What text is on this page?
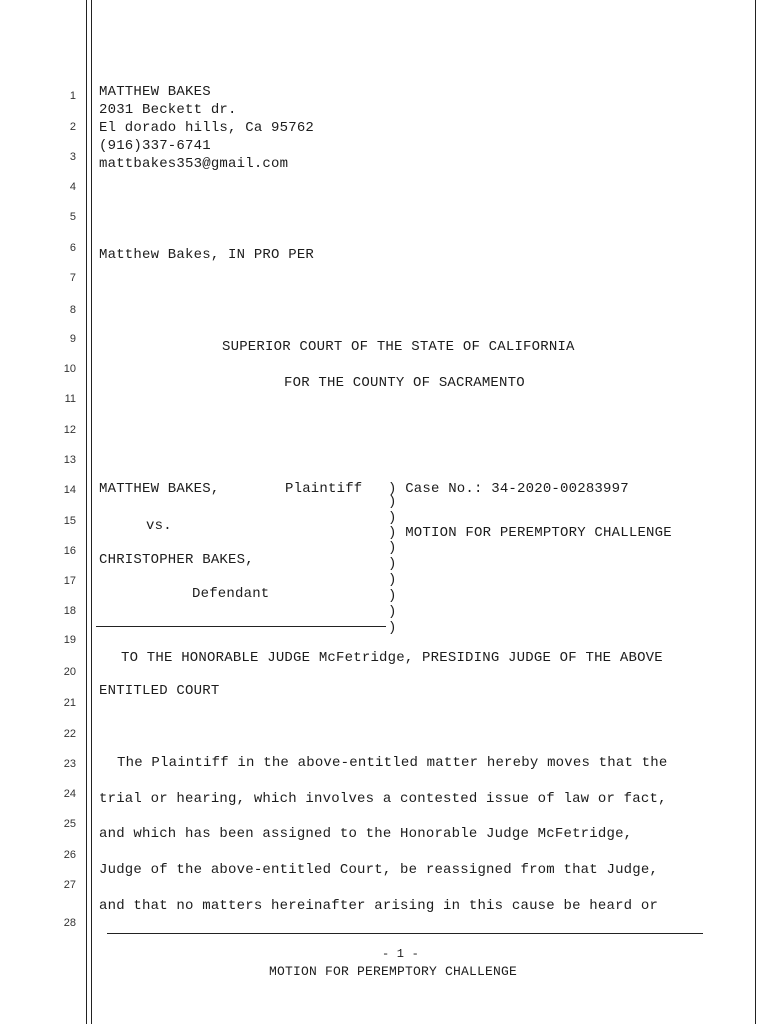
1
2
3
4
5
6
7
8
9
10
11
12
13
14
15
16
17
18
19
20
21
22
23
24
25
26
27
28
MATTHEW BAKES
2031 Beckett dr.
El dorado hills, Ca 95762
(916)337-6741
mattbakes353@gmail.com
Matthew Bakes, IN PRO PER
SUPERIOR COURT OF THE STATE OF CALIFORNIA
FOR THE COUNTY OF SACRAMENTO
MATTHEW BAKES,	Plaintiff
vs.
CHRISTOPHER BAKES,
Defendant
) Case No.: 34-2020-00283997
) MOTION FOR PEREMPTORY CHALLENGE
)
)
)
)
)
)
)
)
TO THE HONORABLE JUDGE McFetridge, PRESIDING JUDGE OF THE ABOVE
ENTITLED COURT
The Plaintiff in the above-entitled matter hereby moves that the
trial or hearing, which involves a contested issue of law or fact,
and which has been assigned to the Honorable Judge McFetridge,
Judge of the above-entitled Court, be reassigned from that Judge,
and that no matters hereinafter arising in this cause be heard or
- 1 -
MOTION FOR PEREMPTORY CHALLENGE
